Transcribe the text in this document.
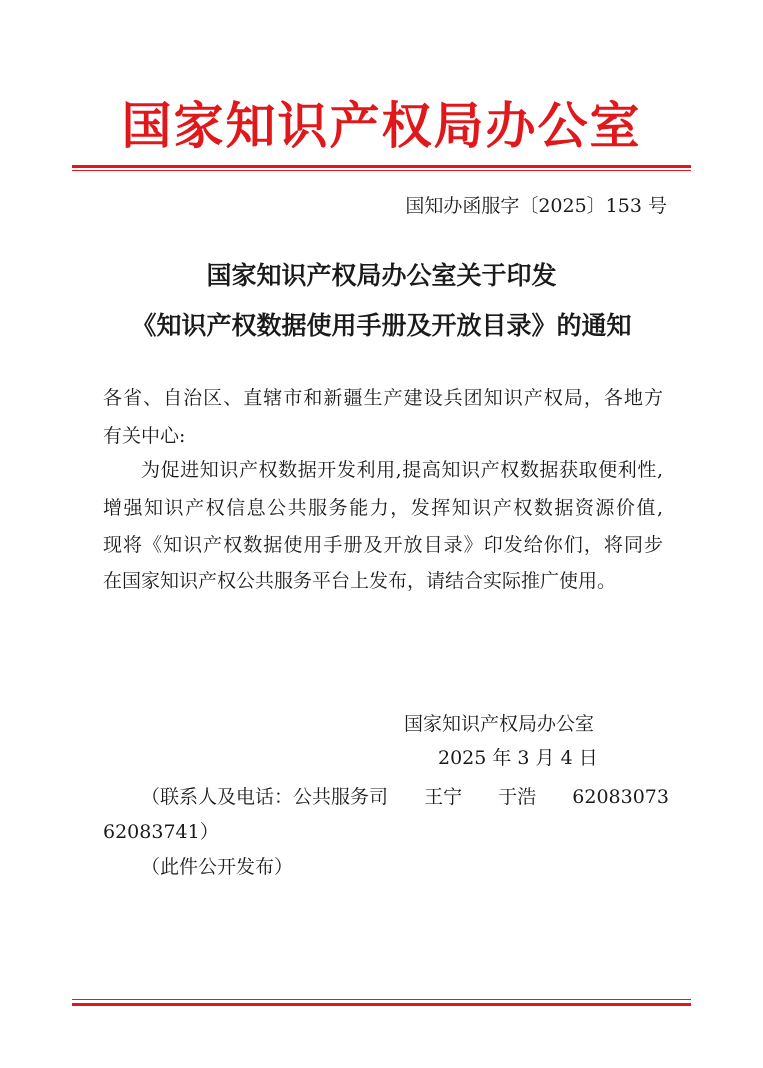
国家知识产权局办公室
国知办函服字〔2025〕153 号
国家知识产权局办公室关于印发
《知识产权数据使用手册及开放目录》的通知
各省、自治区、直辖市和新疆生产建设兵团知识产权局，各地方
有关中心:
为促进知识产权数据开发利用,提高知识产权数据获取便利性,
增强知识产权信息公共服务能力，发挥知识产权数据资源价值,
现将《知识产权数据使用手册及开放目录》印发给你们，将同步
在国家知识产权公共服务平台上发布，请结合实际推广使用。
国家知识产权局办公室
2025 年 3 月 4 日
（联系人及电话：公共服务司 王宁 于浩 62083073
62083741）
（此件公开发布）
